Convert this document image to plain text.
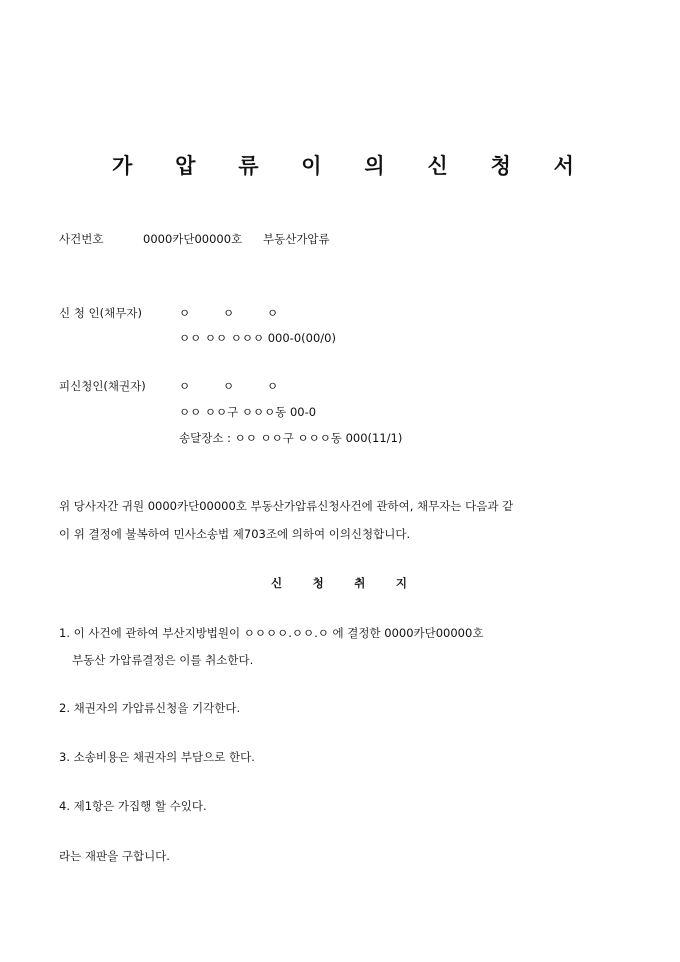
가 압 류 이 의 신 청 서
사건번호	0000카단00000호 부동산가압류
신 청 인(채무자)	ㅇ	ㅇ	ㅇ
ㅇㅇ ㅇㅇ ㅇㅇㅇ 000-0(00/0)
피신청인(채권자)	ㅇ	ㅇ	ㅇ
ㅇㅇ ㅇㅇ구 ㅇㅇㅇ동 00-0
송달장소 : ㅇㅇ ㅇㅇ구 ㅇㅇㅇ동 000(11/1)
위 당사자간 귀원 0000카단00000호 부동산가압류신청사건에 관하여, 채무자는 다음과 같
이 위 결정에 불복하여 민사소송법 제703조에 의하여 이의신청합니다.
신	청	취	지
1. 이 사건에 관하여 부산지방법원이 ㅇㅇㅇㅇ.ㅇㅇ.ㅇ 에 결정한 0000카단00000호
부동산 가압류결정은 이를 취소한다.
2. 채권자의 가압류신청을 기각한다.
3. 소송비용은 채권자의 부담으로 한다.
4. 제1항은 가집행 할 수있다.
라는 재판을 구합니다.
